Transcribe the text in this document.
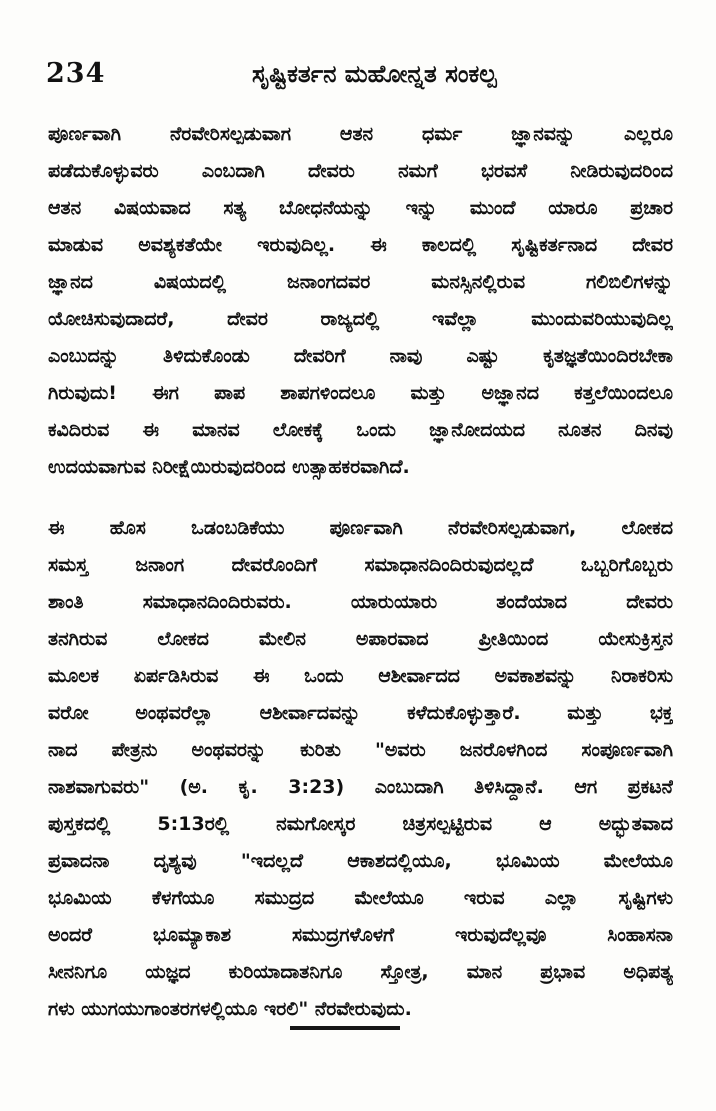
234	ಸೃಷ್ಟಿಕರ್ತನ ಮಹೋನ್ನತ ಸಂಕಲ್ಪ
ಪೂರ್ಣವಾಗಿ ನೆರವೇರಿಸಲ್ಪಡುವಾಗ ಆತನ ಧರ್ಮ ಜ್ಞಾನವನ್ನು ಎಲ್ಲರೂ
ಪಡೆದುಕೊಳ್ಳುವರು ಎಂಬದಾಗಿ ದೇವರು ನಮಗೆ ಭರವಸೆ ನೀಡಿರುವುದರಿಂದ
ಆತನ ವಿಷಯವಾದ ಸತ್ಯ ಬೋಧನೆಯನ್ನು ಇನ್ನು ಮುಂದೆ ಯಾರೂ ಪ್ರಚಾರ
ಮಾಡುವ ಅವಶ್ಯಕತೆಯೇ ಇರುವುದಿಲ್ಲ. ಈ ಕಾಲದಲ್ಲಿ ಸೃಷ್ಟಿಕರ್ತನಾದ ದೇವರ
ಜ್ಞಾನದ ವಿಷಯದಲ್ಲಿ ಜನಾಂಗದವರ ಮನಸ್ಸಿನಲ್ಲಿರುವ ಗಲಿಬಿಲಿಗಳನ್ನು
ಯೋಚಿಸುವುದಾದರೆ, ದೇವರ ರಾಜ್ಯದಲ್ಲಿ ಇವೆಲ್ಲಾ ಮುಂದುವರಿಯುವುದಿಲ್ಲ
ಎಂಬುದನ್ನು ತಿಳಿದುಕೊಂಡು ದೇವರಿಗೆ ನಾವು ಎಷ್ಟು ಕೃತಜ್ಞತೆಯಿಂದಿರಬೇಕಾ
ಗಿರುವುದು! ಈಗ ಪಾಪ ಶಾಪಗಳಿಂದಲೂ ಮತ್ತು ಅಜ್ಞಾನದ ಕತ್ತಲೆಯಿಂದಲೂ
ಕವಿದಿರುವ ಈ ಮಾನವ ಲೋಕಕ್ಕೆ ಒಂದು ಜ್ಞಾನೋದಯದ ನೂತನ ದಿನವು
ಉದಯವಾಗುವ ನಿರೀಕ್ಷೆಯಿರುವುದರಿಂದ ಉತ್ಸಾಹಕರವಾಗಿದೆ.
ಈ ಹೊಸ ಒಡಂಬಡಿಕೆಯು ಪೂರ್ಣವಾಗಿ ನೆರವೇರಿಸಲ್ಪಡುವಾಗ, ಲೋಕದ
ಸಮಸ್ತ ಜನಾಂಗ ದೇವರೊಂದಿಗೆ ಸಮಾಧಾನದಿಂದಿರುವುದಲ್ಲದೆ ಒಬ್ಬರಿಗೊಬ್ಬರು
ಶಾಂತಿ ಸಮಾಧಾನದಿಂದಿರುವರು. ಯಾರುಯಾರು ತಂದೆಯಾದ ದೇವರು
ತನಗಿರುವ ಲೋಕದ ಮೇಲಿನ ಅಪಾರವಾದ ಪ್ರೀತಿಯಿಂದ ಯೇಸುಕ್ರಿಸ್ತನ
ಮೂಲಕ ಏರ್ಪಡಿಸಿರುವ ಈ ಒಂದು ಆಶೀರ್ವಾದದ ಅವಕಾಶವನ್ನು ನಿರಾಕರಿಸು
ವರೋ ಅಂಥವರೆಲ್ಲಾ ಆಶೀರ್ವಾದವನ್ನು ಕಳೆದುಕೊಳ್ಳುತ್ತಾರೆ. ಮತ್ತು ಭಕ್ತ
ನಾದ ಪೇತ್ರನು ಅಂಥವರನ್ನು ಕುರಿತು "ಅವರು ಜನರೊಳಗಿಂದ ಸಂಪೂರ್ಣವಾಗಿ
ನಾಶವಾಗುವರು" (ಅ. ಕೃ. 3:23) ಎಂಬುದಾಗಿ ತಿಳಿಸಿದ್ದಾನೆ. ಆಗ ಪ್ರಕಟನೆ
ಪುಸ್ತಕದಲ್ಲಿ 5:13ರಲ್ಲಿ ನಮಗೋಸ್ಕರ ಚಿತ್ರಸಲ್ಪಟ್ಟಿರುವ ಆ ಅದ್ಭುತವಾದ
ಪ್ರವಾದನಾ ದೃಶ್ಯವು "ಇದಲ್ಲದೆ ಆಕಾಶದಲ್ಲಿಯೂ, ಭೂಮಿಯ ಮೇಲೆಯೂ
ಭೂಮಿಯ ಕೆಳಗೆಯೂ ಸಮುದ್ರದ ಮೇಲೆಯೂ ಇರುವ ಎಲ್ಲಾ ಸೃಷ್ಟಿಗಳು
ಅಂದರೆ ಭೂಮ್ಯಾಕಾಶ ಸಮುದ್ರಗಳೊಳಗೆ ಇರುವುದೆಲ್ಲವೂ ಸಿಂಹಾಸನಾ
ಸೀನನಿಗೂ ಯಜ್ಞದ ಕುರಿಯಾದಾತನಿಗೂ ಸ್ತೋತ್ರ, ಮಾನ ಪ್ರಭಾವ ಅಧಿಪತ್ಯ
ಗಳು ಯುಗಯುಗಾಂತರಗಳಲ್ಲಿಯೂ ಇರಲಿ" ನೆರವೇರುವುದು.
